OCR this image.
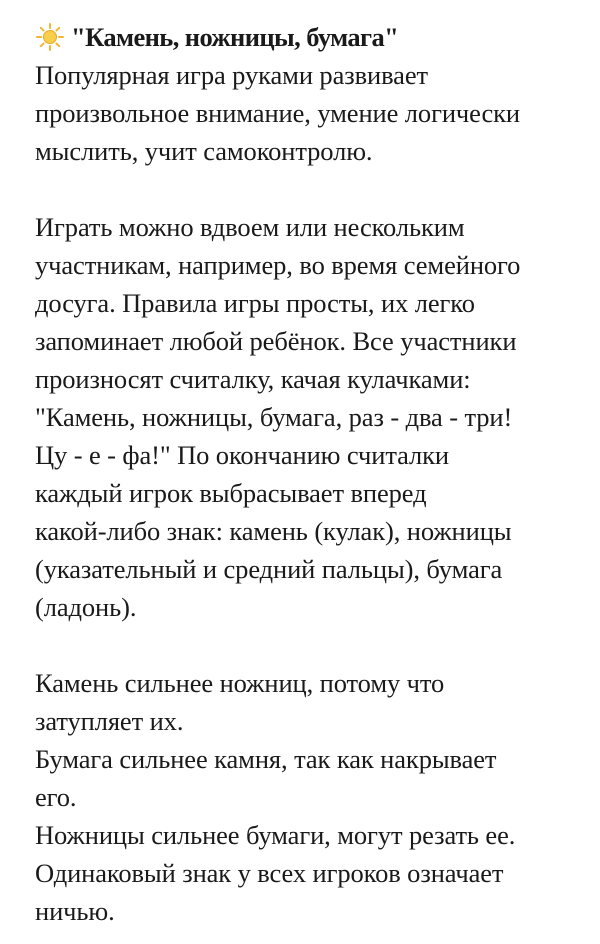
"Камень, ножницы, бумага"

Популярная игра руками развивает
произвольное внимание, умение логически
мыслить, учит самоконтролю.

Играть можно вдвоем или нескольким
участникам, например, во время семейного
досуга. Правила игры просты, их легко
запоминает любой ребёнок. Все участники
произносят считалку, качая кулачками:
"Камень, ножницы, бумага, раз - два - три!
Цу - е - фа!" По окончанию считалки
каждый игрок выбрасывает вперед
какой-либо знак: камень (кулак), ножницы
(указательный и средний пальцы), бумага
(ладонь).

Камень сильнее ножниц, потому что
затупляет их.

Бумага сильнее камня, так как накрывает
его.

Ножницы сильнее бумаги, могут резать ее.

Одинаковый знак у всех игроков означает
ничью.
